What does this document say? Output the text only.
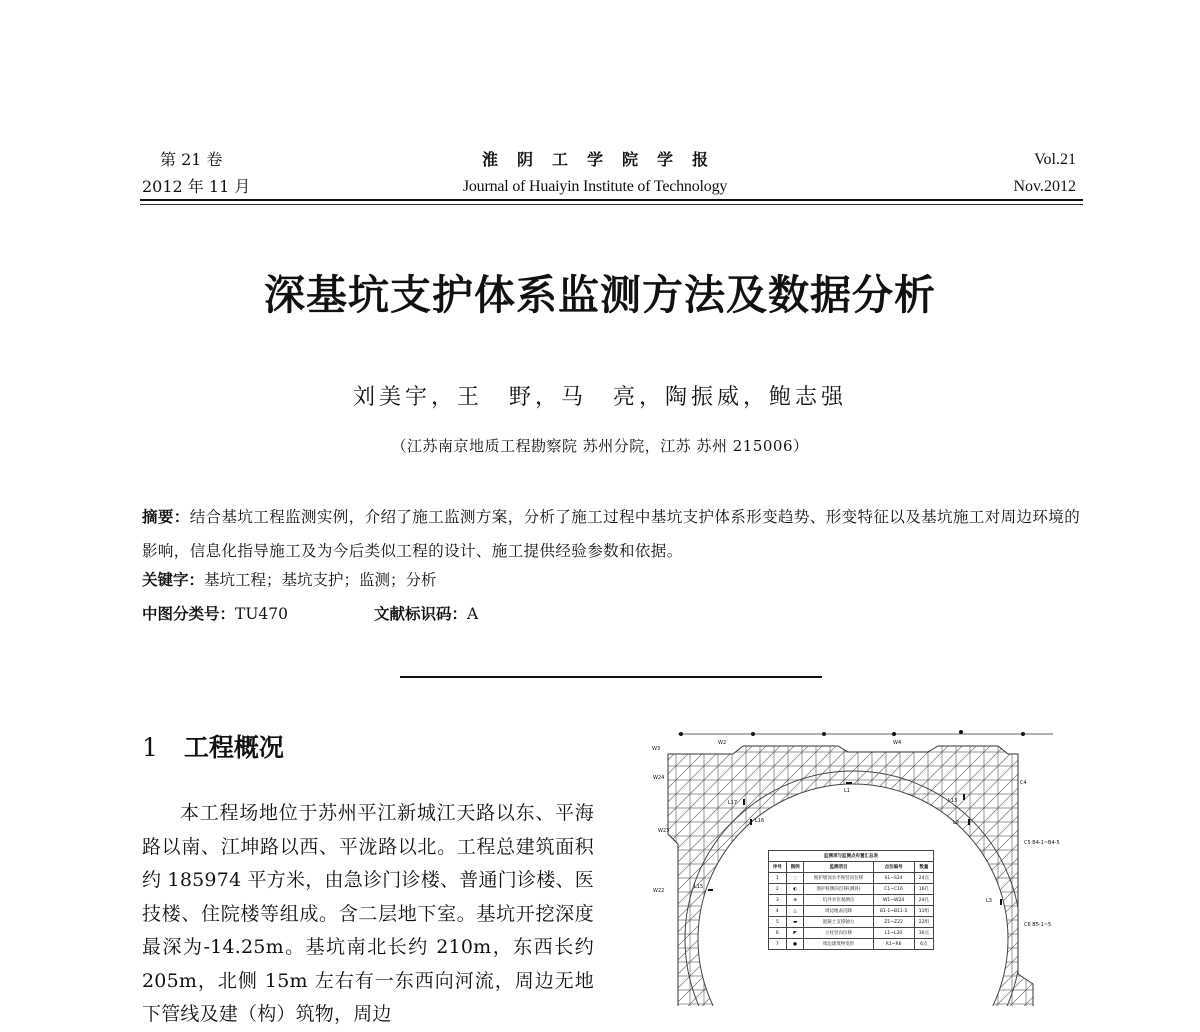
第 21 卷
2012 年 11 月
淮阴工学院学报
Journal of Huaiyin Institute of Technology
Vol.21
Nov.2012
深基坑支护体系监测方法及数据分析
刘美宇，王　野，马　亮，陶振威，鲍志强
（江苏南京地质工程勘察院 苏州分院，江苏 苏州 215006）
摘要：结合基坑工程监测实例，介绍了施工监测方案，分析了施工过程中基坑支护体系形变趋势、形变特征以及基坑施工对周边环境的影响，信息化指导施工及为今后类似工程的设计、施工提供经验参数和依据。
关键字：基坑工程；基坑支护；监测；分析
中图分类号：TU470	文献标识码：A
1 工程概况
本工程场地位于苏州平江新城江天路以东、平海路以南、江坤路以西、平泷路以北。工程总建筑面积约 185974 平方米，由急诊门诊楼、普通门诊楼、医技楼、住院楼等组成。含二层地下室。基坑开挖深度最深为-14.25m。基坑南北长约 210m，东西长约 205m，北侧 15m 左右有一东西向河流，周边无地下管线及建（构）筑物，周边
L1
L17
L16
L13
L2
L15
L3
W3
W2	W4
W24
W23
W22
C4
C5 B4-1~B4-5
C6 B5-1~5
监测项与监测点布置汇总表				
序号	图例	监测项目	点位编号	数量
1	◌	围护墙顶水平和竖向位移	S1~S24	24点
2	◐	围护桩侧向位移(测斜)	C1~C16	16孔
3	⊛	坑外水位观测点	W1~W24	24孔
4	△	周边地表沉降	B1-1~B11-5	11组
5	▬	混凝土支撑轴力	Z1~Z22	22组
6	◤	立柱竖向位移	L1~L30	30点
7	●	周边建筑物变形	R1~R6	6点
